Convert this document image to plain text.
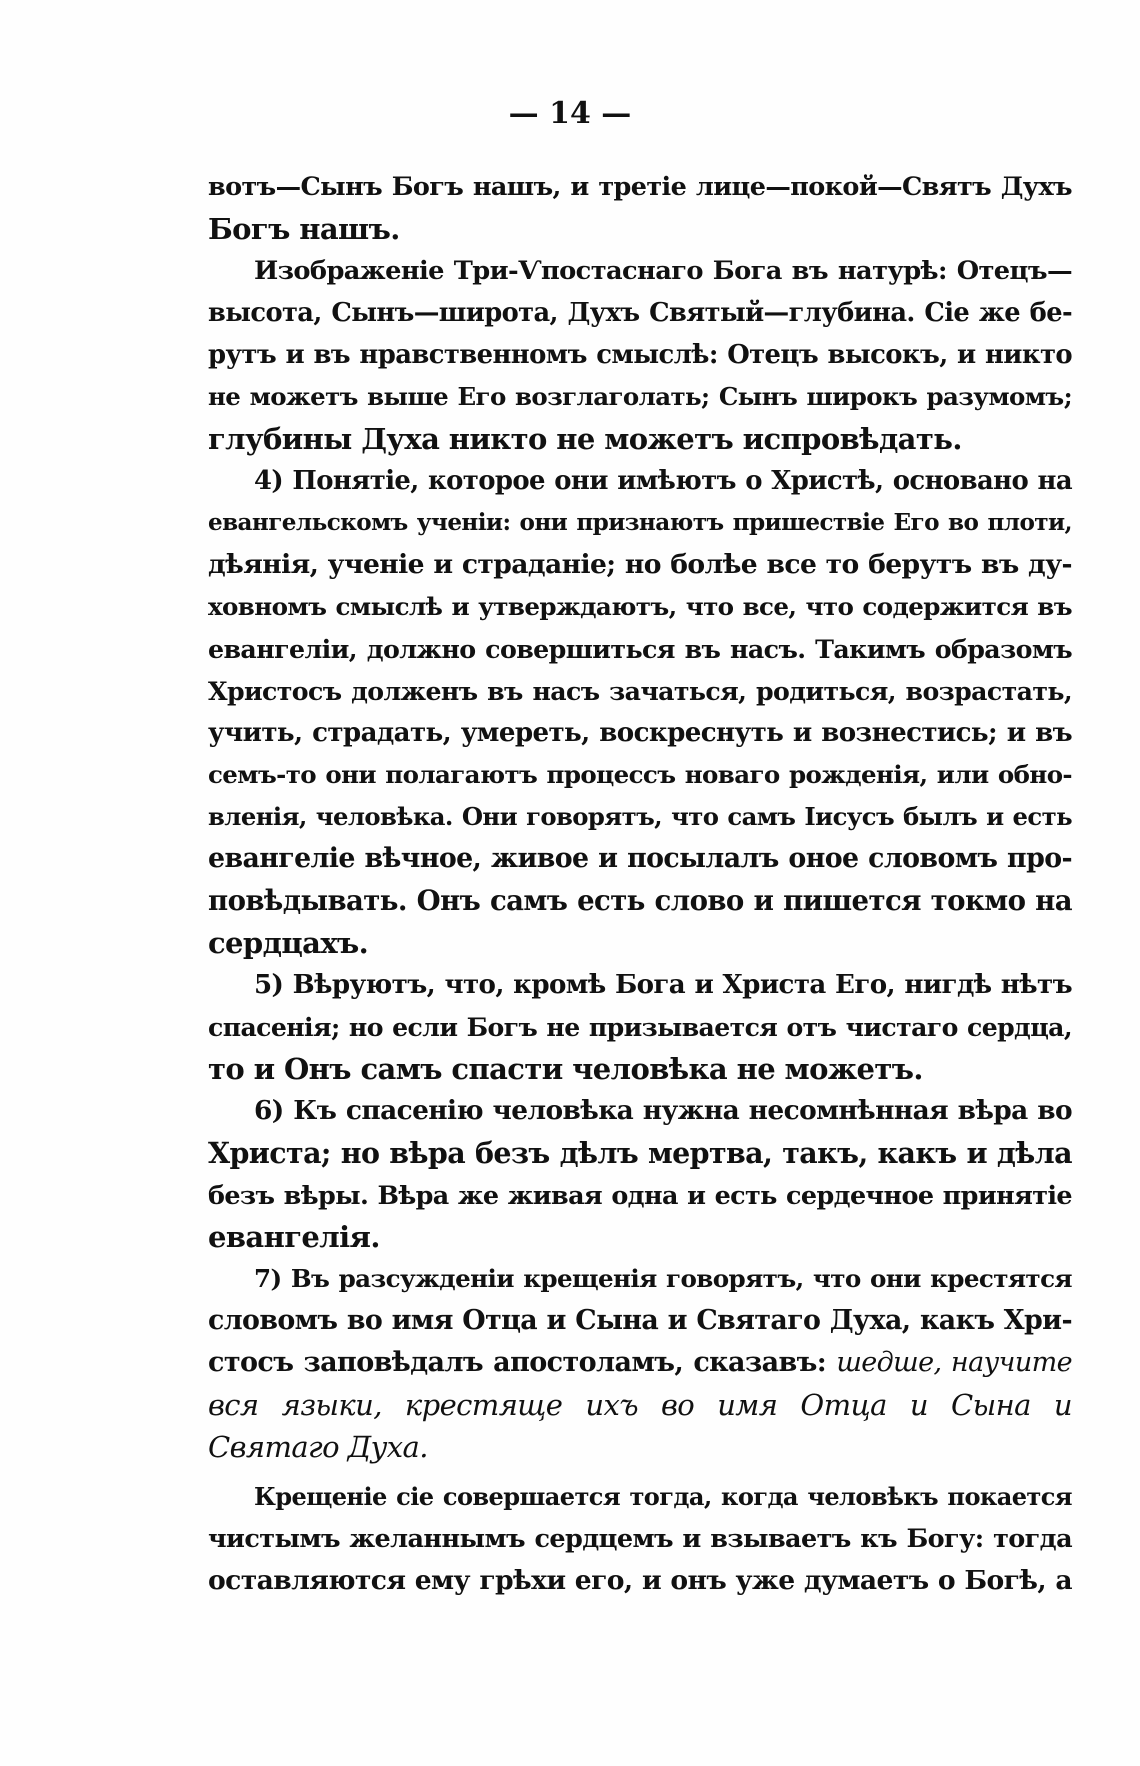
— 14 —
вотъ—Сынъ Богъ нашъ, и третіе лице—покой—Святъ Духъ
Богъ нашъ.
Изображеніе Три-Ѵпостаснаго Бога въ натурѣ: Отецъ—
высота, Сынъ—широта, Духъ Святый—глубина. Сіе же бе-
рутъ и въ нравственномъ смыслѣ: Отецъ высокъ, и никто
не можетъ выше Его возглаголать; Сынъ широкъ разумомъ;
глубины Духа никто не можетъ испровѣдать.
4) Понятіе, которое они имѣютъ о Христѣ, основано на
евангельскомъ ученіи: они признаютъ пришествіе Его во плоти,
дѣянія, ученіе и страданіе; но болѣе все то берутъ въ ду-
ховномъ смыслѣ и утверждаютъ, что все, что содержится въ
евангеліи, должно совершиться въ насъ. Такимъ образомъ
Христосъ долженъ въ насъ зачаться, родиться, возрастать,
учить, страдать, умереть, воскреснуть и вознестись; и въ
семъ-то они полагаютъ процессъ новаго рожденія, или обно-
вленія, человѣка. Они говорятъ, что самъ Іисусъ былъ и есть
евангеліе вѣчное, живое и посылалъ оное словомъ про-
повѣдывать. Онъ самъ есть слово и пишется токмо на
сердцахъ.
5) Вѣруютъ, что, кромѣ Бога и Христа Его, нигдѣ нѣтъ
спасенія; но если Богъ не призывается отъ чистаго сердца,
то и Онъ самъ спасти человѣка не можетъ.
6) Къ спасенію человѣка нужна несомнѣнная вѣра во
Христа; но вѣра безъ дѣлъ мертва, такъ, какъ и дѣла
безъ вѣры. Вѣра же живая одна и есть сердечное принятіе
евангелія.
7) Въ разсужденіи крещенія говорятъ, что они крестятся
словомъ во имя Отца и Сына и Святаго Духа, какъ Хри-
стосъ заповѣдалъ апостоламъ, сказавъ: шедше, научите
вся языки, крестяще ихъ во имя Отца и Сына и
Святаго Духа.
Крещеніе сіе совершается тогда, когда человѣкъ покается
чистымъ желаннымъ сердцемъ и взываетъ къ Богу: тогда
оставляются ему грѣхи его, и онъ уже думаетъ о Богѣ, а
